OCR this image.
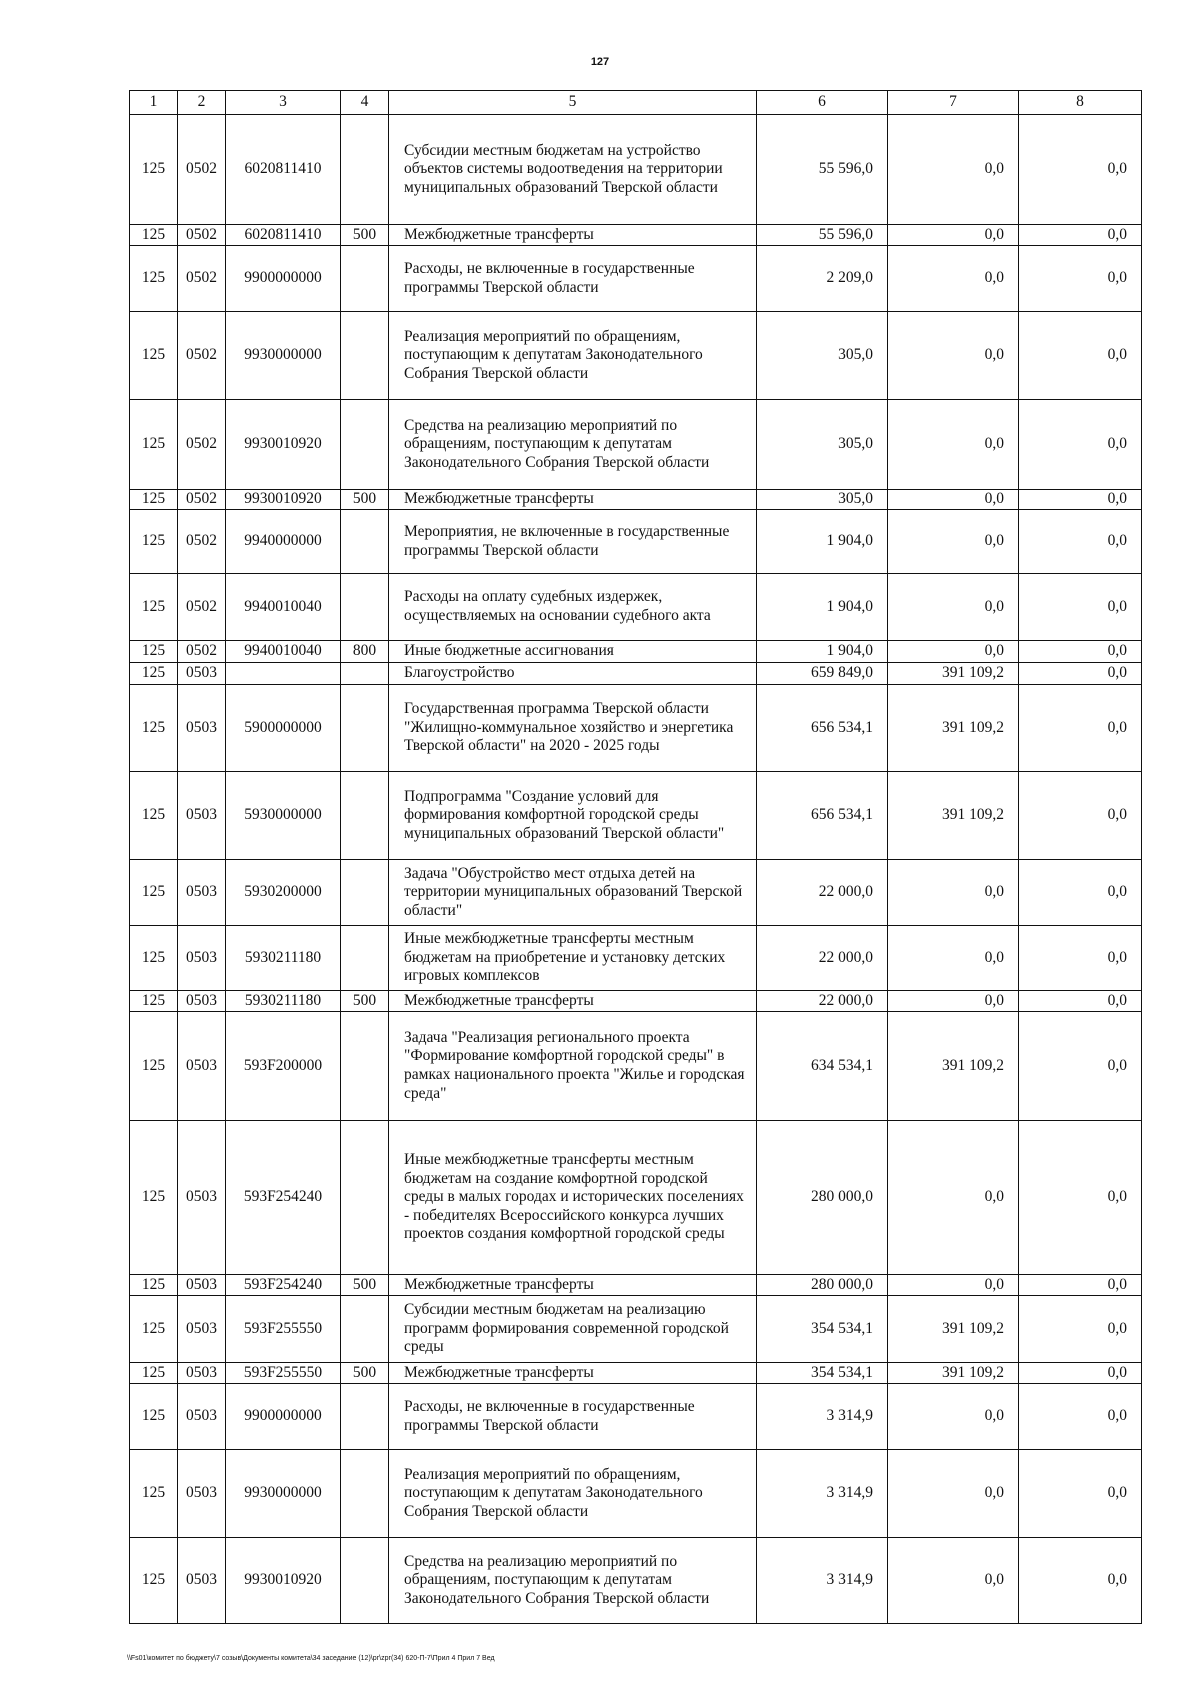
127
1	2	3	4	5	6	7	8
125	0502	6020811410		Субсидии местным бюджетам на устройство объектов системы водоотведения на территории муниципальных образований Тверской области	55 596,0	0,0	0,0
125	0502	6020811410	500	Межбюджетные трансферты	55 596,0	0,0	0,0
125	0502	9900000000		Расходы, не включенные в государственные программы Тверской области	2 209,0	0,0	0,0
125	0502	9930000000		Реализация мероприятий по обращениям, поступающим к депутатам Законодательного Собрания Тверской области	305,0	0,0	0,0
125	0502	9930010920		Средства на реализацию мероприятий по обращениям, поступающим к депутатам Законодательного Собрания Тверской области	305,0	0,0	0,0
125	0502	9930010920	500	Межбюджетные трансферты	305,0	0,0	0,0
125	0502	9940000000		Мероприятия, не включенные в государственные программы Тверской области	1 904,0	0,0	0,0
125	0502	9940010040		Расходы на оплату судебных издержек, осуществляемых на основании судебного акта	1 904,0	0,0	0,0
125	0502	9940010040	800	Иные бюджетные ассигнования	1 904,0	0,0	0,0
125	0503			Благоустройство	659 849,0	391 109,2	0,0
125	0503	5900000000		Государственная программа Тверской области "Жилищно-коммунальное хозяйство и энергетика Тверской области" на 2020 - 2025 годы	656 534,1	391 109,2	0,0
125	0503	5930000000		Подпрограмма "Создание условий для формирования комфортной городской среды муниципальных образований Тверской области"	656 534,1	391 109,2	0,0
125	0503	5930200000		Задача "Обустройство мест отдыха детей на территории муниципальных образований Тверской области"	22 000,0	0,0	0,0
125	0503	5930211180		Иные межбюджетные трансферты местным бюджетам на приобретение и установку детских игровых комплексов	22 000,0	0,0	0,0
125	0503	5930211180	500	Межбюджетные трансферты	22 000,0	0,0	0,0
125	0503	593F200000		Задача "Реализация регионального проекта "Формирование комфортной городской среды" в рамках национального проекта "Жилье и городская среда"	634 534,1	391 109,2	0,0
125	0503	593F254240		Иные межбюджетные трансферты местным бюджетам на создание комфортной городской среды в малых городах и исторических поселениях - победителях Всероссийского конкурса лучших проектов создания комфортной городской среды	280 000,0	0,0	0,0
125	0503	593F254240	500	Межбюджетные трансферты	280 000,0	0,0	0,0
125	0503	593F255550		Субсидии местным бюджетам на реализацию программ формирования современной городской среды	354 534,1	391 109,2	0,0
125	0503	593F255550	500	Межбюджетные трансферты	354 534,1	391 109,2	0,0
125	0503	9900000000		Расходы, не включенные в государственные программы Тверской области	3 314,9	0,0	0,0
125	0503	9930000000		Реализация мероприятий по обращениям, поступающим к депутатам Законодательного Собрания Тверской области	3 314,9	0,0	0,0
125	0503	9930010920		Средства на реализацию мероприятий по обращениям, поступающим к депутатам Законодательного Собрания Тверской области	3 314,9	0,0	0,0
\\Fs01\комитет по бюджету\7 созыв\Документы комитета\34 заседание (12)\рг\zрг(34) 620-П-7\Прил 4 Прил 7 Вед
